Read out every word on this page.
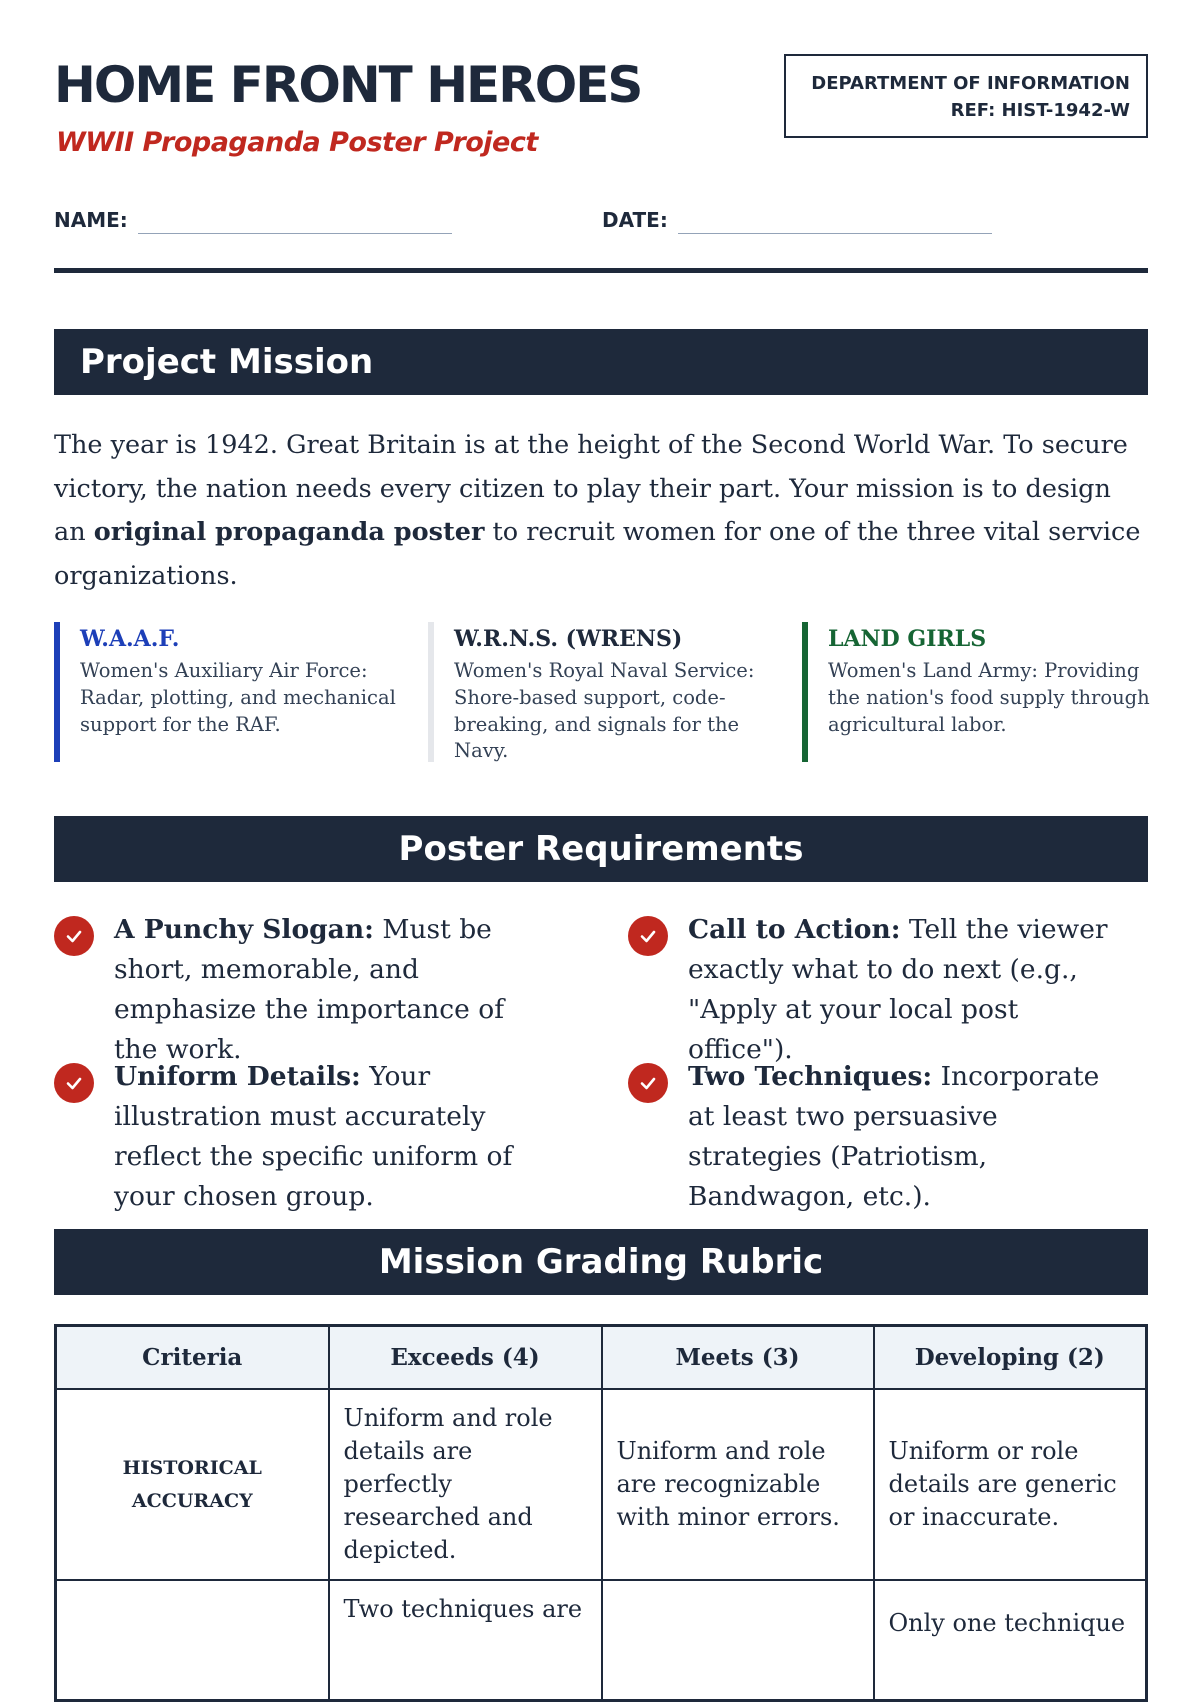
HOME FRONT HEROES
WWII Propaganda Poster Project
DEPARTMENT OF INFORMATION
REF: HIST-1942-W
NAME:	DATE:
Project Mission

The year is 1942. Great Britain is at the height of the Second World War. To secure victory, the nation needs every citizen to play their part. Your mission is to design an original propaganda poster to recruit women for one of the three vital service organizations.

W.A.A.F.

Women's Auxiliary Air Force: Radar, plotting, and mechanical support for the RAF.

W.R.N.S. (WRENS)

Women's Royal Naval Service: Shore-based support, code-breaking, and signals for the Navy.

LAND GIRLS

Women's Land Army: Providing the nation's food supply through agricultural labor.

Poster Requirements
A Punchy Slogan: Must be short, memorable, and emphasize the importance of the work.
Call to Action: Tell the viewer exactly what to do next (e.g., "Apply at your local post office").
Uniform Details: Your illustration must accurately reflect the specific uniform of your chosen group.
Two Techniques: Incorporate at least two persuasive strategies (Patriotism, Bandwagon, etc.).
Mission Grading Rubric
Criteria	Exceeds (4)	Meets (3)	Developing (2)
HISTORICAL ACCURACY	Uniform and role details are perfectly researched and depicted.	Uniform and role are recognizable with minor errors.	Uniform or role details are generic or inaccurate.
	Two techniques are		Only one technique
